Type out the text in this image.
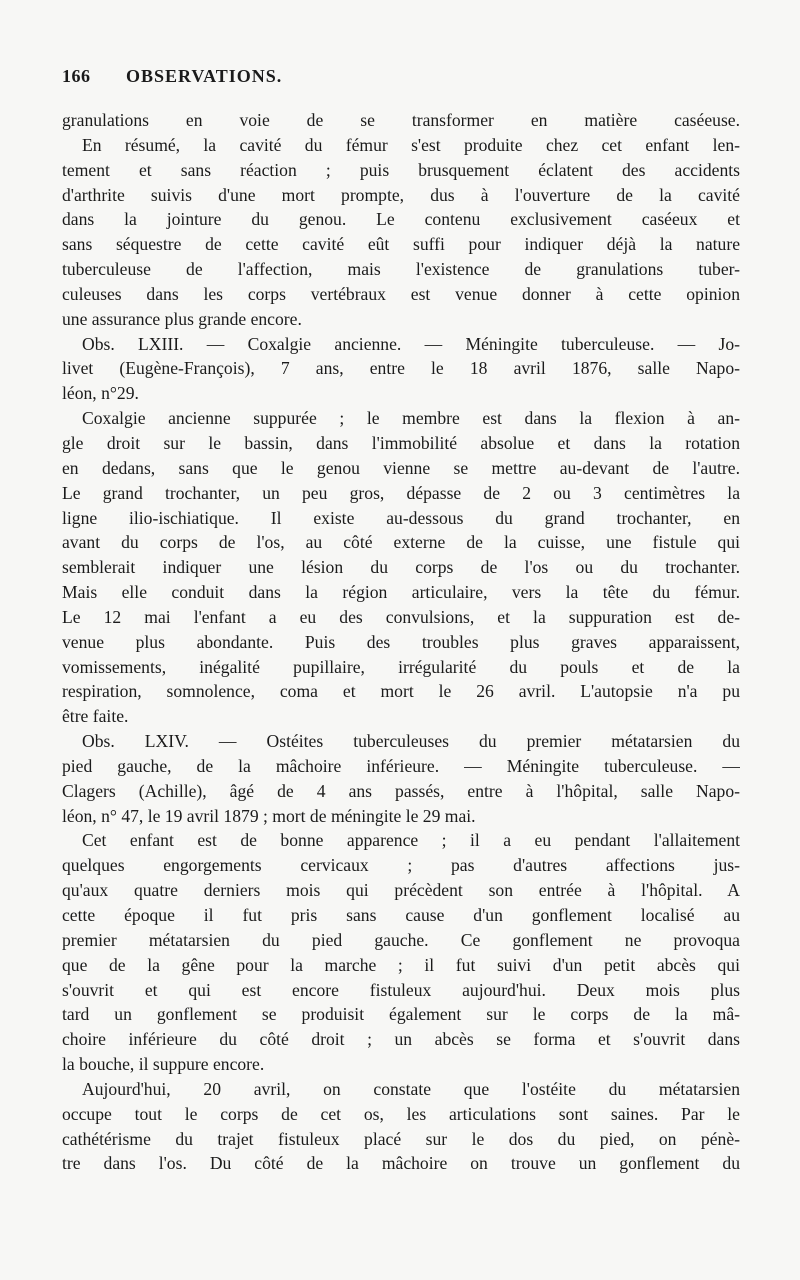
166 OBSERVATIONS.
granulations en voie de se transformer en matière caséeuse.
En résumé, la cavité du fémur s'est produite chez cet enfant len-
tement et sans réaction ; puis brusquement éclatent des accidents
d'arthrite suivis d'une mort prompte, dus à l'ouverture de la cavité
dans la jointure du genou. Le contenu exclusivement caséeux et
sans séquestre de cette cavité eût suffi pour indiquer déjà la nature
tuberculeuse de l'affection, mais l'existence de granulations tuber-
culeuses dans les corps vertébraux est venue donner à cette opinion
une assurance plus grande encore.
Obs. LXIII. — Coxalgie ancienne. — Méningite tuberculeuse. — Jo-
livet (Eugène-François), 7 ans, entre le 18 avril 1876, salle Napo-
léon, n°29.
Coxalgie ancienne suppurée ; le membre est dans la flexion à an-
gle droit sur le bassin, dans l'immobilité absolue et dans la rotation
en dedans, sans que le genou vienne se mettre au-devant de l'autre.
Le grand trochanter, un peu gros, dépasse de 2 ou 3 centimètres la
ligne ilio-ischiatique. Il existe au-dessous du grand trochanter, en
avant du corps de l'os, au côté externe de la cuisse, une fistule qui
semblerait indiquer une lésion du corps de l'os ou du trochanter.
Mais elle conduit dans la région articulaire, vers la tête du fémur.
Le 12 mai l'enfant a eu des convulsions, et la suppuration est de-
venue plus abondante. Puis des troubles plus graves apparaissent,
vomissements, inégalité pupillaire, irrégularité du pouls et de la
respiration, somnolence, coma et mort le 26 avril. L'autopsie n'a pu
être faite.
Obs. LXIV. — Ostéites tuberculeuses du premier métatarsien du
pied gauche, de la mâchoire inférieure. — Méningite tuberculeuse. —
Clagers (Achille), âgé de 4 ans passés, entre à l'hôpital, salle Napo-
léon, n° 47, le 19 avril 1879 ; mort de méningite le 29 mai.
Cet enfant est de bonne apparence ; il a eu pendant l'allaitement
quelques engorgements cervicaux ; pas d'autres affections jus-
qu'aux quatre derniers mois qui précèdent son entrée à l'hôpital. A
cette époque il fut pris sans cause d'un gonflement localisé au
premier métatarsien du pied gauche. Ce gonflement ne provoqua
que de la gêne pour la marche ; il fut suivi d'un petit abcès qui
s'ouvrit et qui est encore fistuleux aujourd'hui. Deux mois plus
tard un gonflement se produisit également sur le corps de la mâ-
choire inférieure du côté droit ; un abcès se forma et s'ouvrit dans
la bouche, il suppure encore.
Aujourd'hui, 20 avril, on constate que l'ostéite du métatarsien
occupe tout le corps de cet os, les articulations sont saines. Par le
cathétérisme du trajet fistuleux placé sur le dos du pied, on pénè-
tre dans l'os. Du côté de la mâchoire on trouve un gonflement du
